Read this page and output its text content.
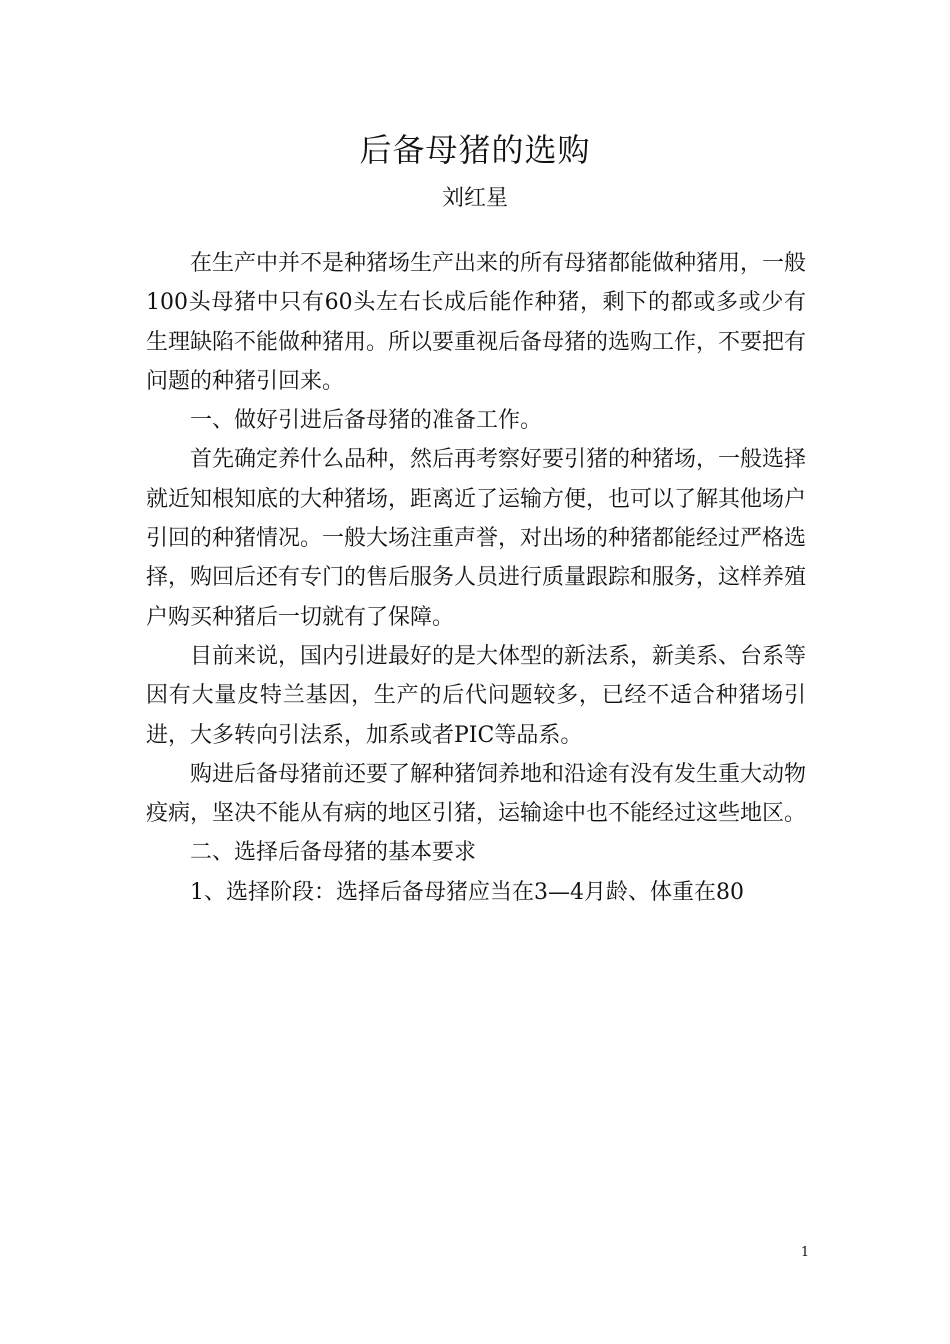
后备母猪的选购
刘红星

在生产中并不是种猪场生产出来的所有母猪都能做种猪用，一般100头母猪中只有60头左右长成后能作种猪，剩下的都或多或少有生理缺陷不能做种猪用。所以要重视后备母猪的选购工作，不要把有问题的种猪引回来。

一、做好引进后备母猪的准备工作。

首先确定养什么品种，然后再考察好要引猪的种猪场，一般选择就近知根知底的大种猪场，距离近了运输方便，也可以了解其他场户引回的种猪情况。一般大场注重声誉，对出场的种猪都能经过严格选择，购回后还有专门的售后服务人员进行质量跟踪和服务，这样养殖户购买种猪后一切就有了保障。

目前来说，国内引进最好的是大体型的新法系，新美系、台系等因有大量皮特兰基因，生产的后代问题较多，已经不适合种猪场引进，大多转向引法系，加系或者PIC等品系。

购进后备母猪前还要了解种猪饲养地和沿途有没有发生重大动物疫病，坚决不能从有病的地区引猪，运输途中也不能经过这些地区。

二、选择后备母猪的基本要求

1、选择阶段：选择后备母猪应当在3—4月龄、体重在80

1
